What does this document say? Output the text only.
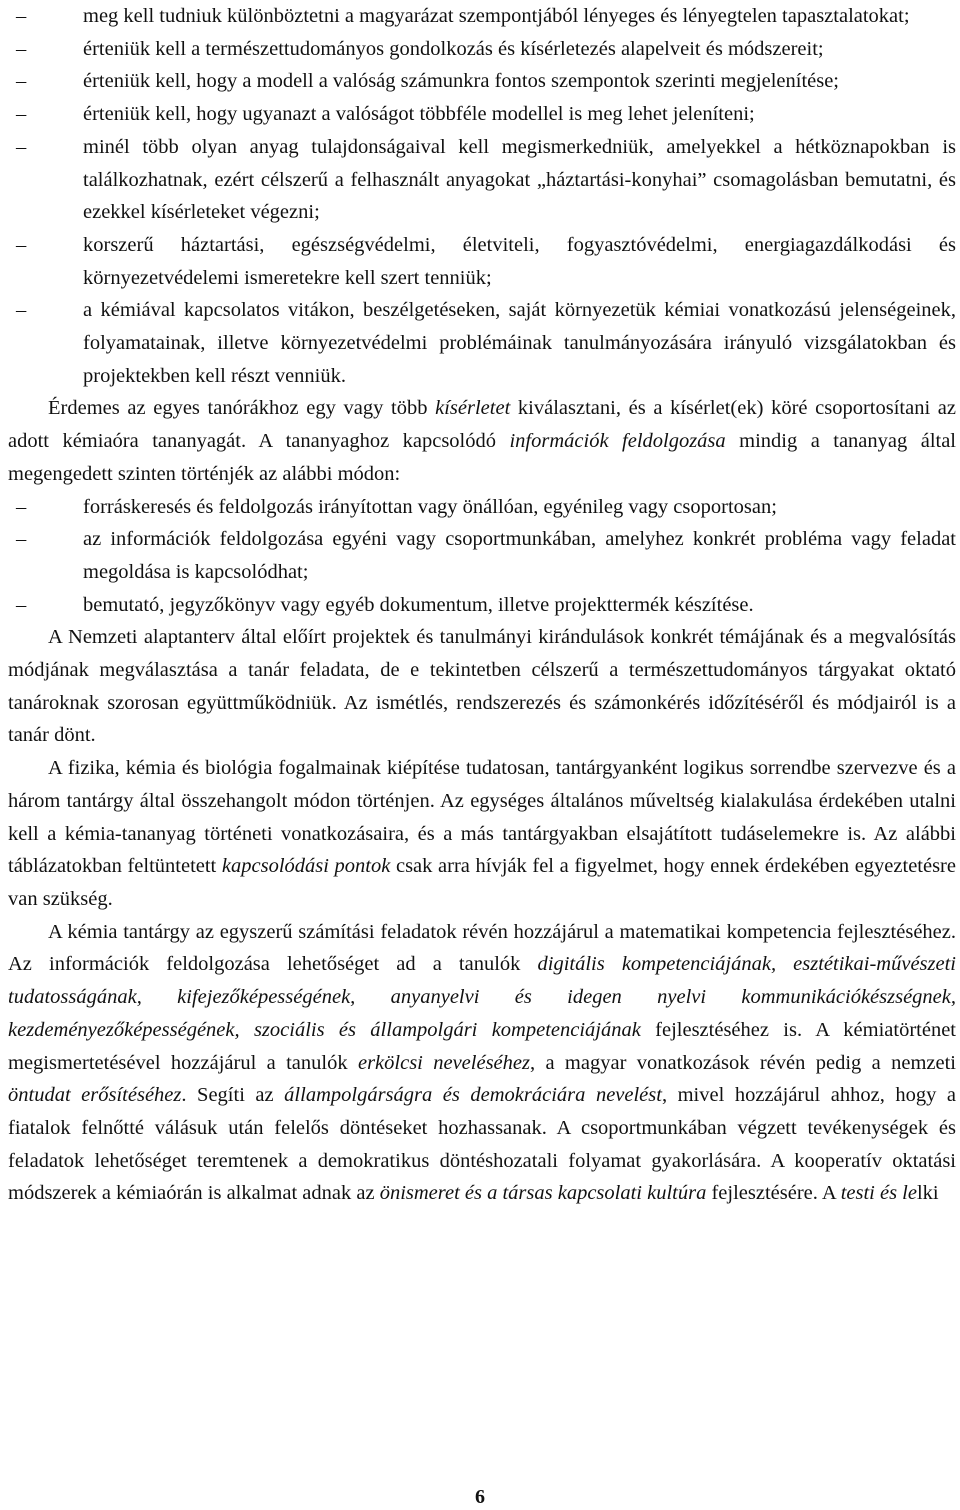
–	meg kell tudniuk különböztetni a magyarázat szempontjából lényeges és lényegtelen tapasztalatokat;
–	érteniük kell a természettudományos gondolkozás és kísérletezés alapelveit és módszereit;
–	érteniük kell, hogy a modell a valóság számunkra fontos szempontok szerinti megjelenítése;
–	érteniük kell, hogy ugyanazt a valóságot többféle modellel is meg lehet jeleníteni;
–	minél több olyan anyag tulajdonságaival kell megismerkedniük, amelyekkel a hétköznapokban is találkozhatnak, ezért célszerű a felhasznált anyagokat „háztartási-konyhai” csomagolásban bemutatni, és ezekkel kísérleteket végezni;
–	korszerű háztartási, egészségvédelmi, életviteli, fogyasztóvédelmi, energiagazdálkodási és környezetvédelemi ismeretekre kell szert tenniük;
–	a kémiával kapcsolatos vitákon, beszélgetéseken, saját környezetük kémiai vonatkozású jelenségeinek, folyamatainak, illetve környezetvédelmi problémáinak tanulmányozására irányuló vizsgálatokban és projektekben kell részt venniük.

Érdemes az egyes tanórákhoz egy vagy több kísérletet kiválasztani, és a kísérlet(ek) köré csoportosítani az adott kémiaóra tananyagát. A tananyaghoz kapcsolódó információk feldolgozása mindig a tananyag által megengedett szinten történjék az alábbi módon:

–	forráskeresés és feldolgozás irányítottan vagy önállóan, egyénileg vagy csoportosan;
–	az információk feldolgozása egyéni vagy csoportmunkában, amelyhez konkrét probléma vagy feladat megoldása is kapcsolódhat;
–	bemutató, jegyzőkönyv vagy egyéb dokumentum, illetve projekttermék készítése.

A Nemzeti alaptanterv által előírt projektek és tanulmányi kirándulások konkrét témájának és a megvalósítás módjának megválasztása a tanár feladata, de e tekintetben célszerű a természettudományos tárgyakat oktató tanároknak szorosan együttműködniük. Az ismétlés, rendszerezés és számonkérés időzítéséről és módjairól is a tanár dönt.

A fizika, kémia és biológia fogalmainak kiépítése tudatosan, tantárgyanként logikus sorrendbe szervezve és a három tantárgy által összehangolt módon történjen. Az egységes általános műveltség kialakulása érdekében utalni kell a kémia-tananyag történeti vonatkozásaira, és a más tantárgyakban elsajátított tudáselemekre is. Az alábbi táblázatokban feltüntetett kapcsolódási pontok csak arra hívják fel a figyelmet, hogy ennek érdekében egyeztetésre van szükség.

A kémia tantárgy az egyszerű számítási feladatok révén hozzájárul a matematikai kompetencia fejlesztéséhez. Az információk feldolgozása lehetőséget ad a tanulók digitális kompetenciájának, esztétikai-művészeti tudatosságának, kifejezőképességének, anyanyelvi és idegen nyelvi kommunikációkészségnek, kezdeményezőképességének, szociális és állampolgári kompetenciájának fejlesztéséhez is. A kémiatörténet megismertetésével hozzájárul a tanulók erkölcsi neveléséhez, a magyar vonatkozások révén pedig a nemzeti öntudat erősítéséhez. Segíti az állampolgárságra és demokráciára nevelést, mivel hozzájárul ahhoz, hogy a fiatalok felnőtté válásuk után felelős döntéseket hozhassanak. A csoportmunkában végzett tevékenységek és feladatok lehetőséget teremtenek a demokratikus döntéshozatali folyamat gyakorlására. A kooperatív oktatási módszerek a kémiaórán is alkalmat adnak az önismeret és a társas kapcsolati kultúra fejlesztésére. A testi és lelki

6
